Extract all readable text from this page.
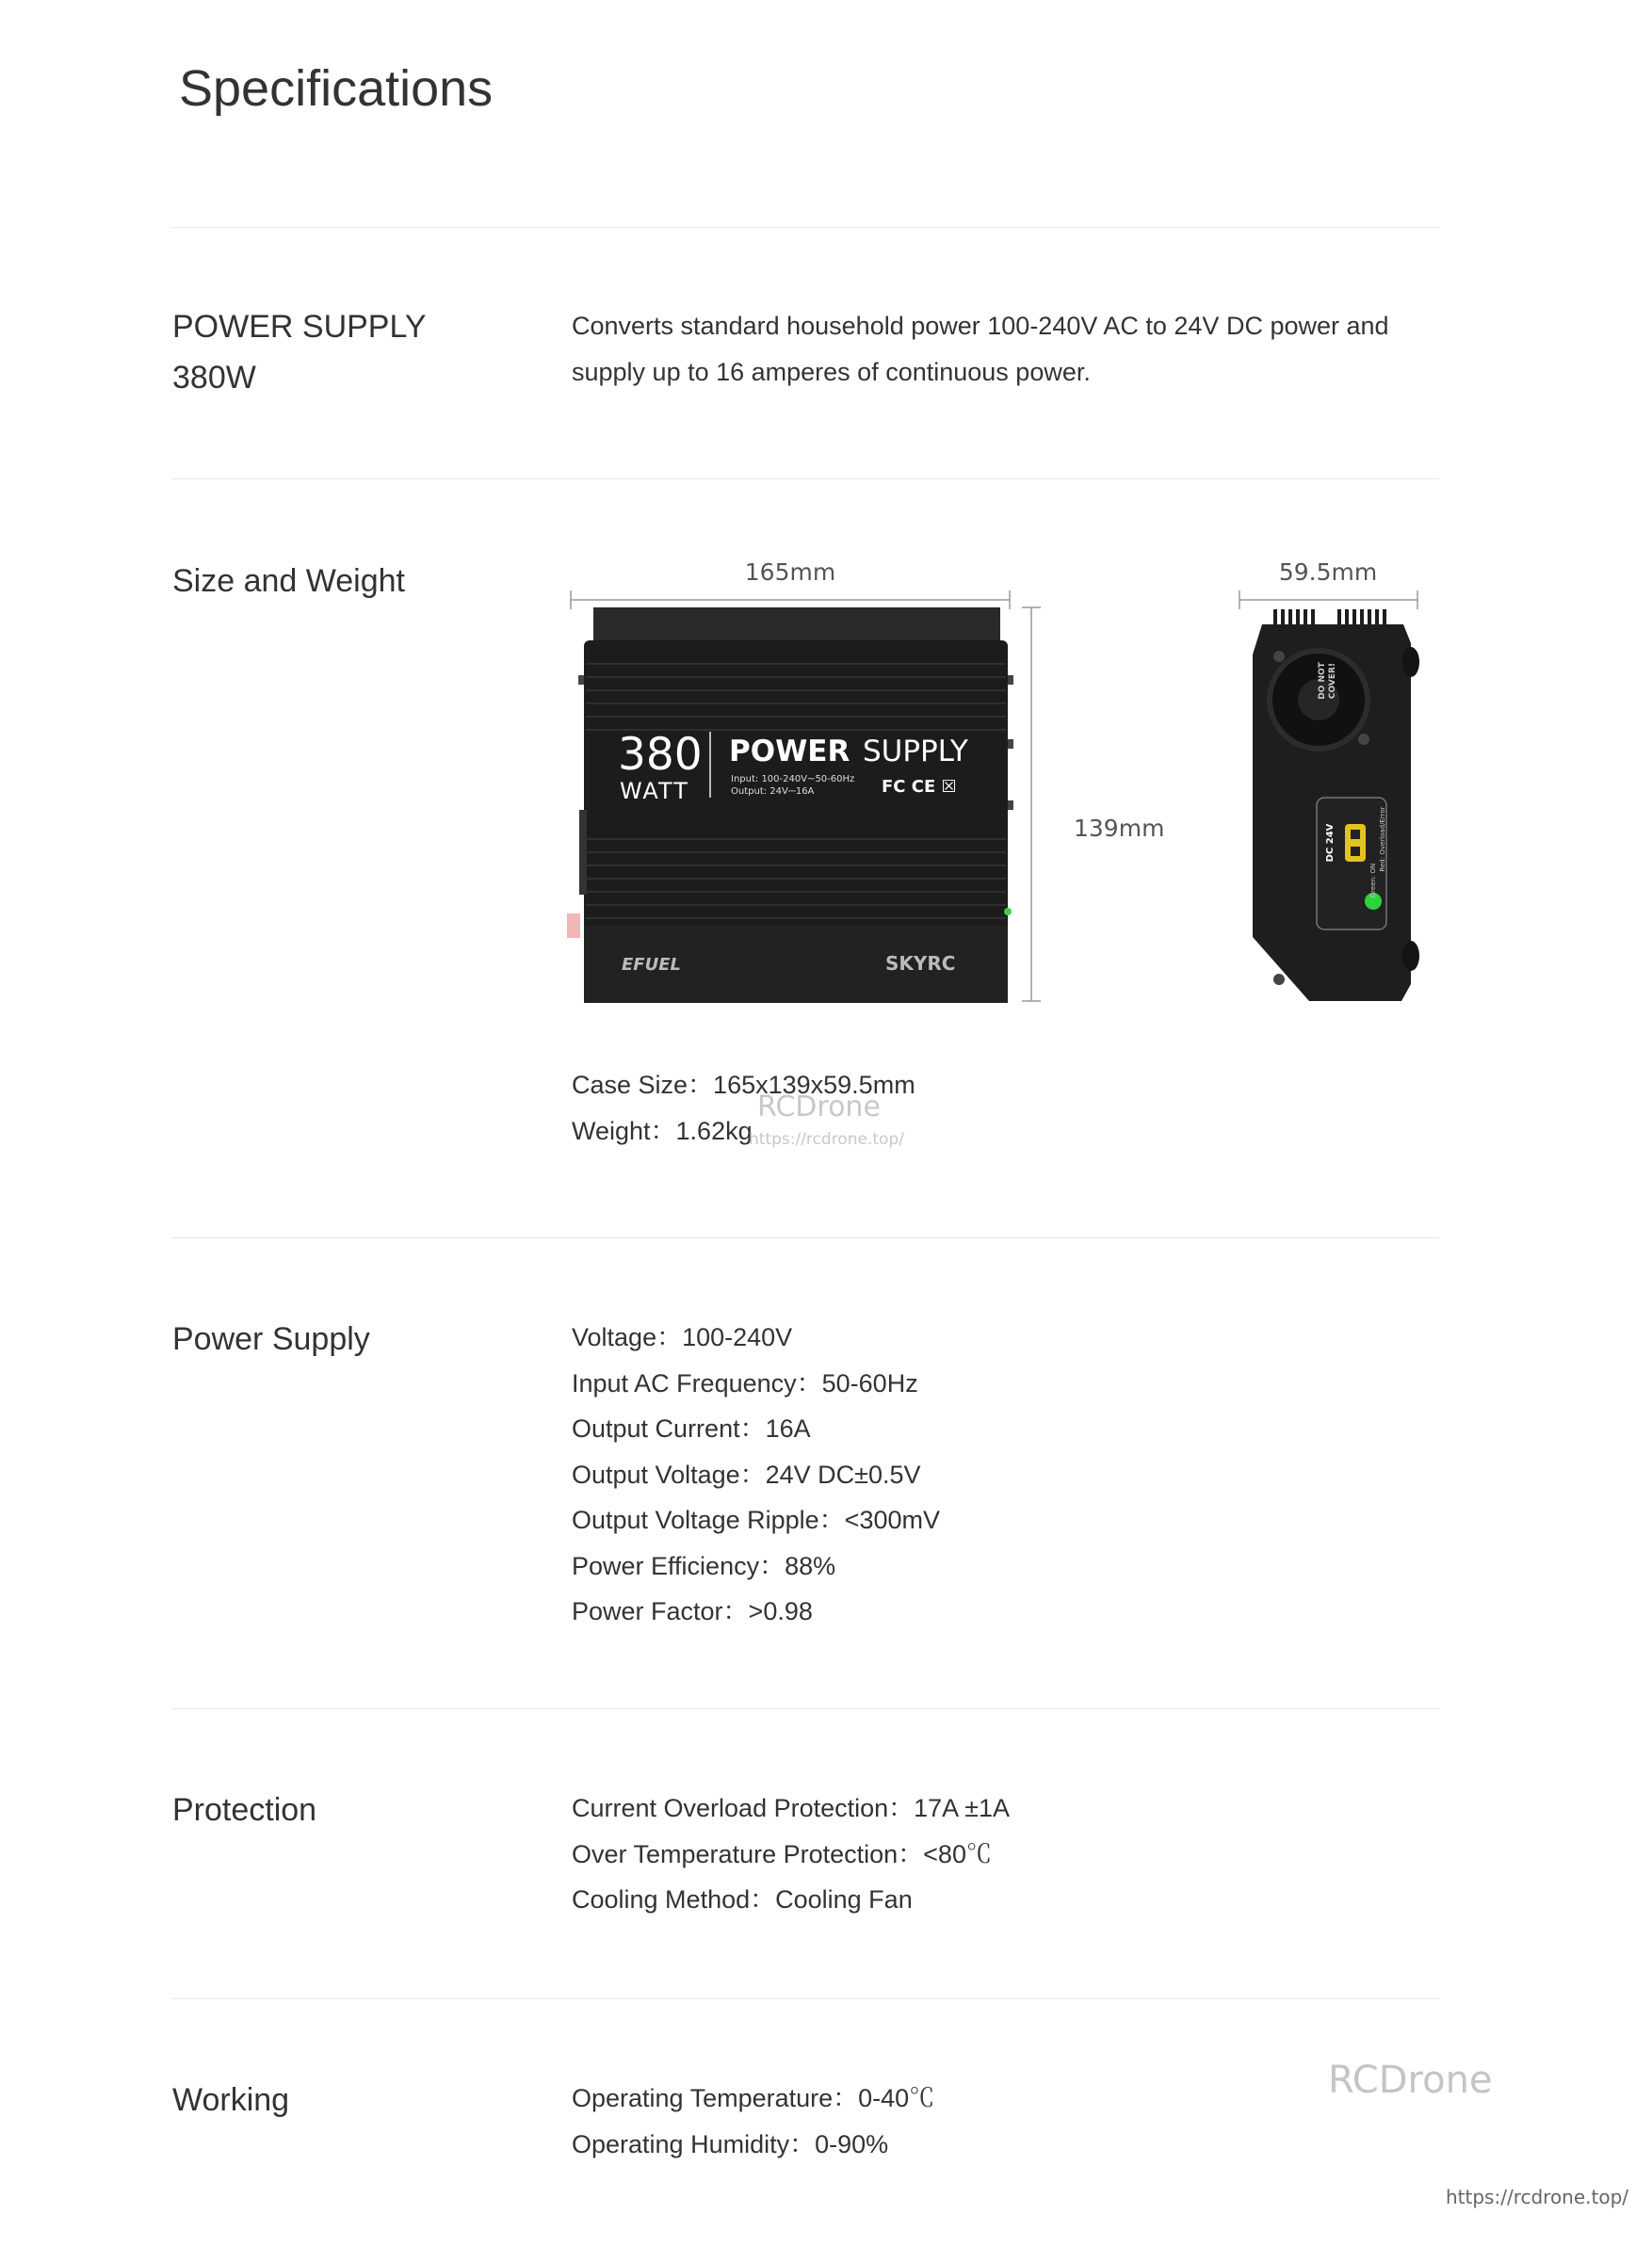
Specifications
POWER SUPPLY
380W

Converts standard household power 100-240V AC to 24V DC power and supply up to 16 amperes of continuous power.

Size and Weight	165mm
139mm
59.5mm
380
WATT
POWER SUPPLY
Input: 100-240V~50-60Hz
Output: 24V⎓16A	FC CE ☒
EFUEL	SKYRC
DO NOT COVER!
DC 24V
Green: ON
Red: Overload/Error

Case Size：165x139x59.5mm

Weight：1.62kg

RCDrone
https://rcdrone.top/
Power Supply	Voltage：100-240V

Input AC Frequency：50-60Hz

Output Current：16A

Output Voltage：24V DC±0.5V

Output Voltage Ripple：<300mV

Power Efficiency：88%

Power Factor：>0.98

Protection	Current Overload Protection：17A ±1A

Over Temperature Protection：<80℃

Cooling Method：Cooling Fan

Working	Operating Temperature：0-40℃

Operating Humidity：0-90%

RCDrone
https://rcdrone.top/
